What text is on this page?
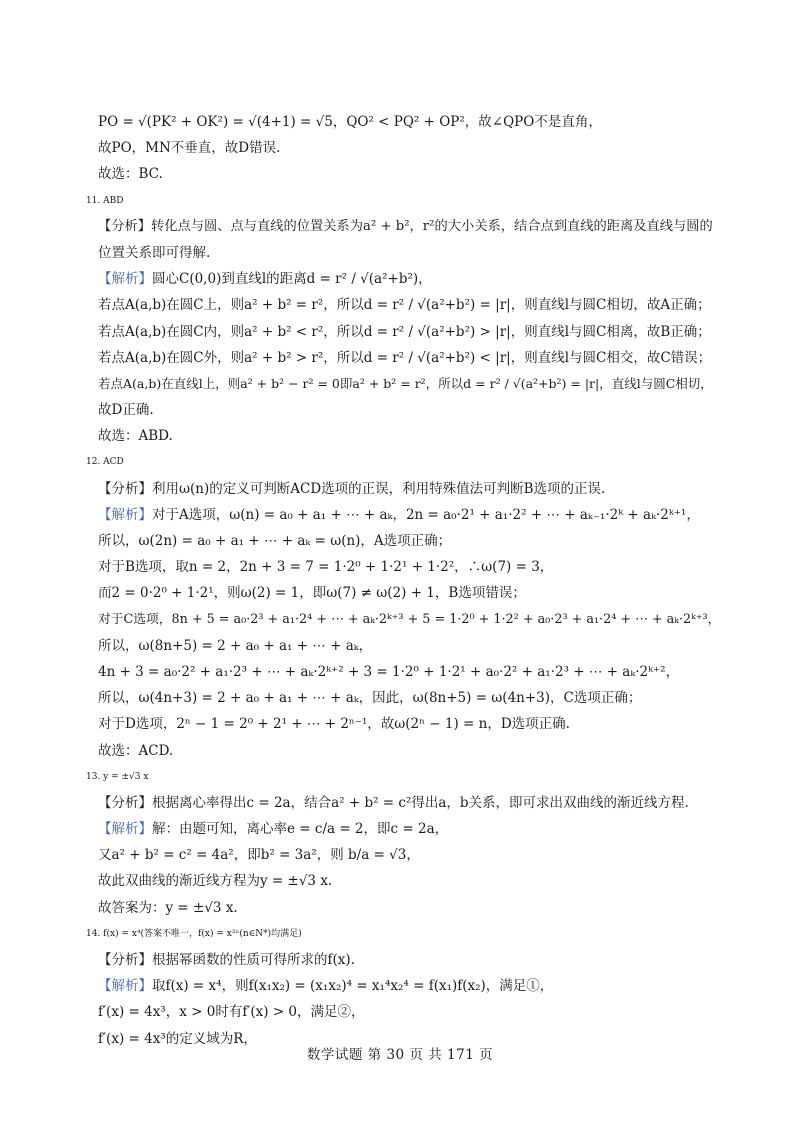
PO = √(PK² + OK²) = √(4+1) = √5，QO² < PQ² + OP²，故∠QPO不是直角，
故PO，MN不垂直，故D错误.
故选：BC.
11. ABD
【分析】转化点与圆、点与直线的位置关系为a² + b²，r²的大小关系，结合点到直线的距离及直线与圆的
位置关系即可得解.
【解析】圆心C(0,0)到直线l的距离d = r² / √(a²+b²)，
若点A(a,b)在圆C上，则a² + b² = r²，所以d = r² / √(a²+b²) = |r|，则直线l与圆C相切，故A正确；
若点A(a,b)在圆C内，则a² + b² < r²，所以d = r² / √(a²+b²) > |r|，则直线l与圆C相离，故B正确；
若点A(a,b)在圆C外，则a² + b² > r²，所以d = r² / √(a²+b²) < |r|，则直线l与圆C相交，故C错误；
若点A(a,b)在直线l上，则a² + b² − r² = 0即a² + b² = r²，所以d = r² / √(a²+b²) = |r|，直线l与圆C相切，
故D正确.
故选：ABD.
12. ACD
【分析】利用ω(n)的定义可判断ACD选项的正误，利用特殊值法可判断B选项的正误.
【解析】对于A选项，ω(n) = a₀ + a₁ + ⋯ + aₖ，2n = a₀·2¹ + a₁·2² + ⋯ + aₖ₋₁·2ᵏ + aₖ·2ᵏ⁺¹，
所以，ω(2n) = a₀ + a₁ + ⋯ + aₖ = ω(n)，A选项正确；
对于B选项，取n = 2，2n + 3 = 7 = 1·2⁰ + 1·2¹ + 1·2²，∴ω(7) = 3，
而2 = 0·2⁰ + 1·2¹，则ω(2) = 1，即ω(7) ≠ ω(2) + 1，B选项错误；
对于C选项，8n + 5 = a₀·2³ + a₁·2⁴ + ⋯ + aₖ·2ᵏ⁺³ + 5 = 1·2⁰ + 1·2² + a₀·2³ + a₁·2⁴ + ⋯ + aₖ·2ᵏ⁺³，
所以，ω(8n+5) = 2 + a₀ + a₁ + ⋯ + aₖ，
4n + 3 = a₀·2² + a₁·2³ + ⋯ + aₖ·2ᵏ⁺² + 3 = 1·2⁰ + 1·2¹ + a₀·2² + a₁·2³ + ⋯ + aₖ·2ᵏ⁺²，
所以，ω(4n+3) = 2 + a₀ + a₁ + ⋯ + aₖ，因此，ω(8n+5) = ω(4n+3)，C选项正确；
对于D选项，2ⁿ − 1 = 2⁰ + 2¹ + ⋯ + 2ⁿ⁻¹，故ω(2ⁿ − 1) = n，D选项正确.
故选：ACD.
13. y = ±√3 x
【分析】根据离心率得出c = 2a，结合a² + b² = c²得出a，b关系，即可求出双曲线的渐近线方程.
【解析】解：由题可知，离心率e = c/a = 2，即c = 2a，
又a² + b² = c² = 4a²，即b² = 3a²，则 b/a = √3，
故此双曲线的渐近线方程为y = ±√3 x.
故答案为：y = ±√3 x.
14. f(x) = x⁴(答案不唯一，f(x) = x²ⁿ(n∈N*)均满足)
【分析】根据幂函数的性质可得所求的f(x).
【解析】取f(x) = x⁴，则f(x₁x₂) = (x₁x₂)⁴ = x₁⁴x₂⁴ = f(x₁)f(x₂)，满足①，
f′(x) = 4x³，x > 0时有f′(x) > 0，满足②，
f′(x) = 4x³的定义域为R，
数学试题 第 30 页 共 171 页
